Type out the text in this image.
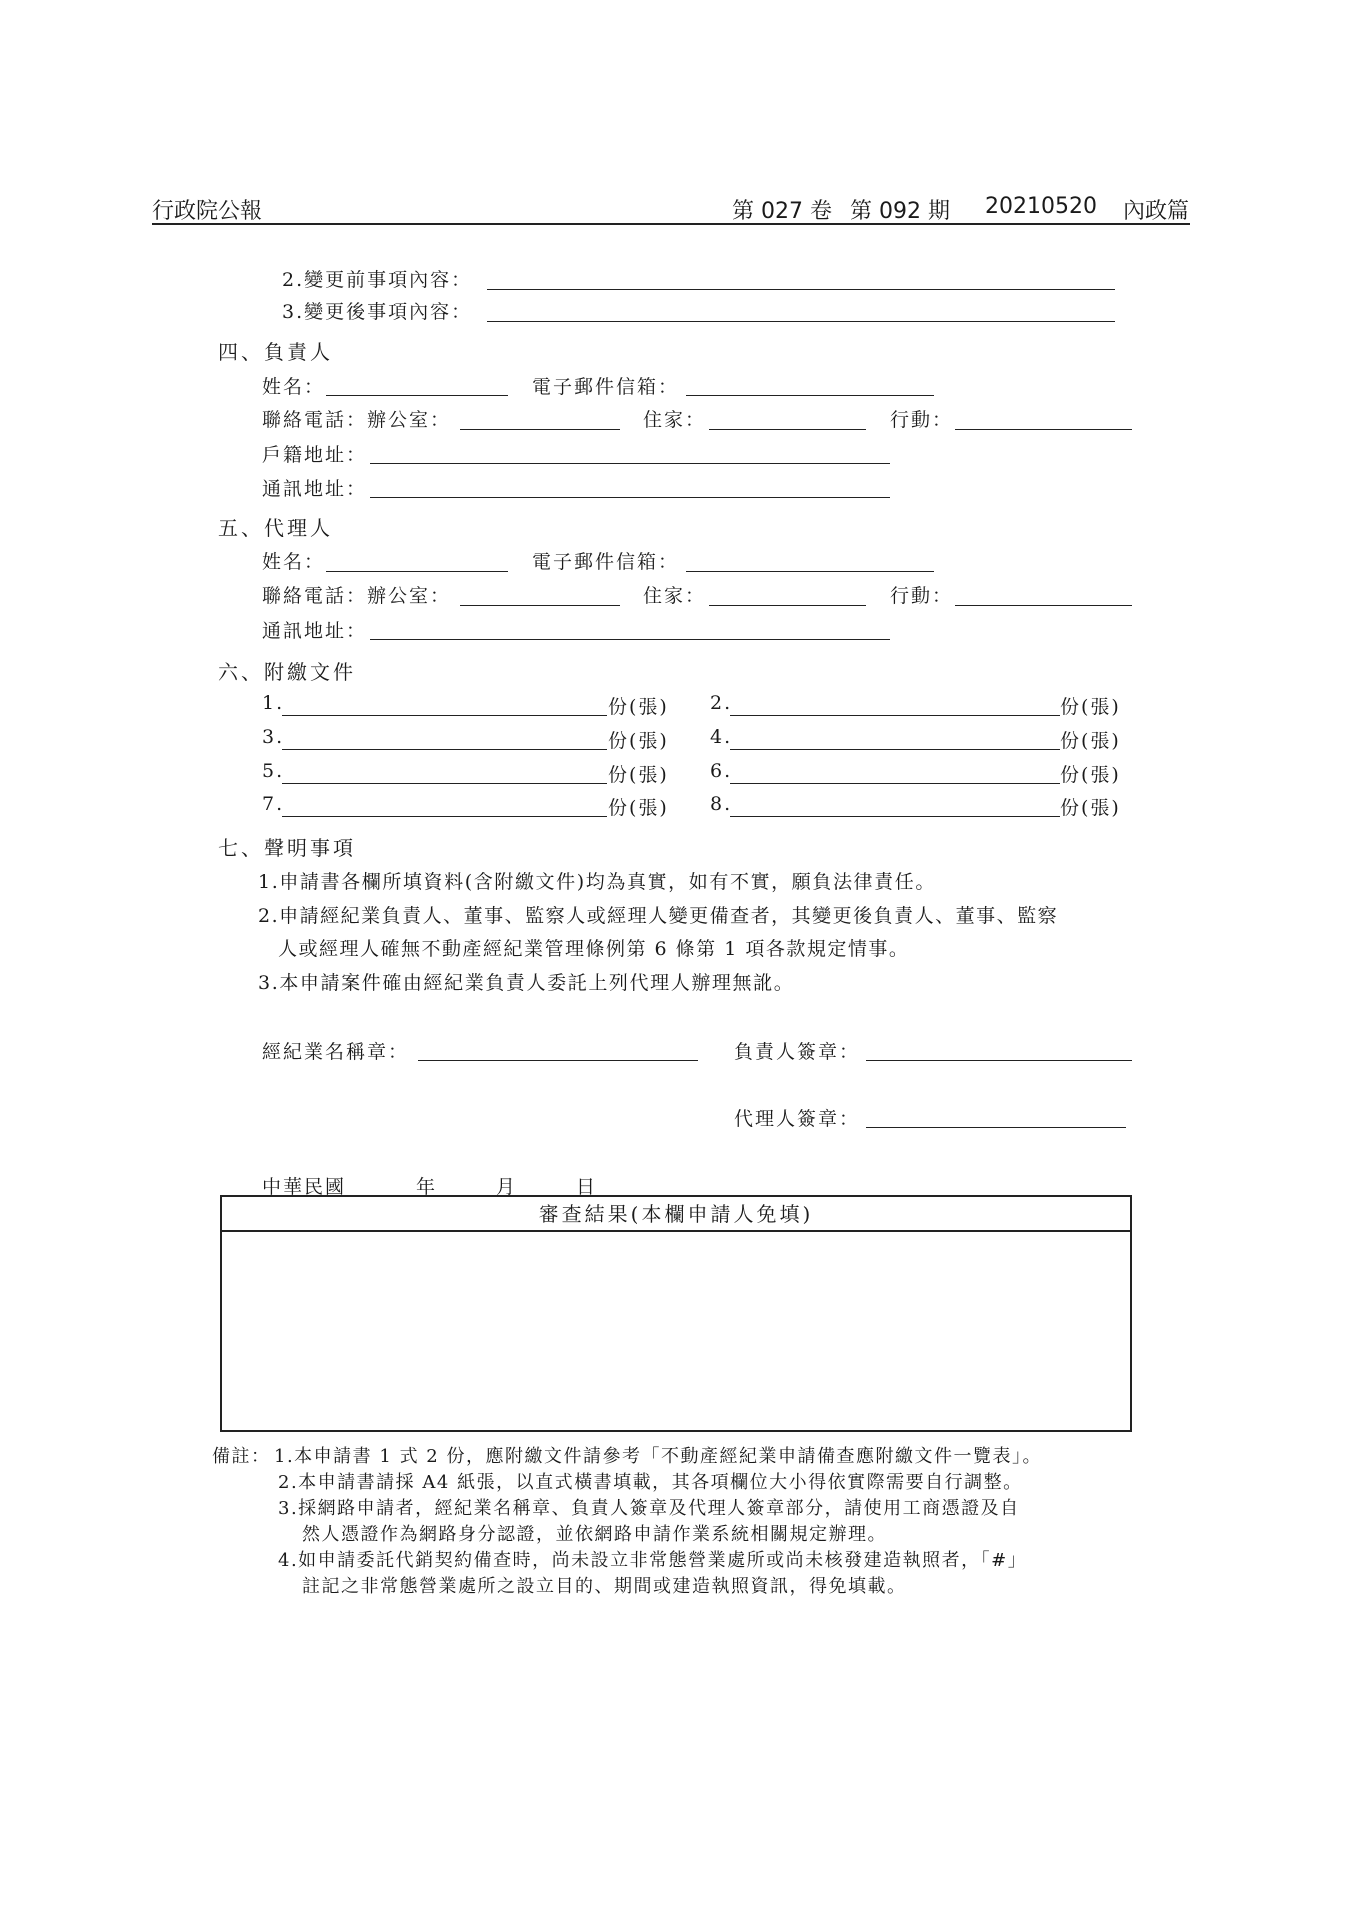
行政院公報	第 027 卷 第 092 期 20210520 內政篇
2.變更前事項內容：
3.變更後事項內容：
四、負責人
姓名：	電子郵件信箱：
聯絡電話：辦公室：	住家：	行動：
戶籍地址：
通訊地址：
五、代理人
姓名：	電子郵件信箱：
聯絡電話：辦公室：	住家：	行動：
通訊地址：
六、附繳文件
1.	份(張) 2.	份(張)
3.	份(張) 4.	份(張)
5.	份(張) 6.	份(張)
7.	份(張) 8.	份(張)
七、聲明事項
1.申請書各欄所填資料(含附繳文件)均為真實，如有不實，願負法律責任。
2.申請經紀業負責人、董事、監察人或經理人變更備查者，其變更後負責人、董事、監察
人或經理人確無不動產經紀業管理條例第 6 條第 1 項各款規定情事。
3.本申請案件確由經紀業負責人委託上列代理人辦理無訛。
經紀業名稱章：	負責人簽章：
代理人簽章：
中華民國	年	月	日
審查結果(本欄申請人免填)
備註： 1.本申請書 1 式 2 份，應附繳文件請參考「不動產經紀業申請備查應附繳文件一覽表」。
2.本申請書請採 A4 紙張，以直式橫書填載，其各項欄位大小得依實際需要自行調整。
3.採網路申請者，經紀業名稱章、負責人簽章及代理人簽章部分，請使用工商憑證及自
然人憑證作為網路身分認證，並依網路申請作業系統相關規定辦理。
4.如申請委託代銷契約備查時，尚未設立非常態營業處所或尚未核發建造執照者，「#」
註記之非常態營業處所之設立目的、期間或建造執照資訊，得免填載。
